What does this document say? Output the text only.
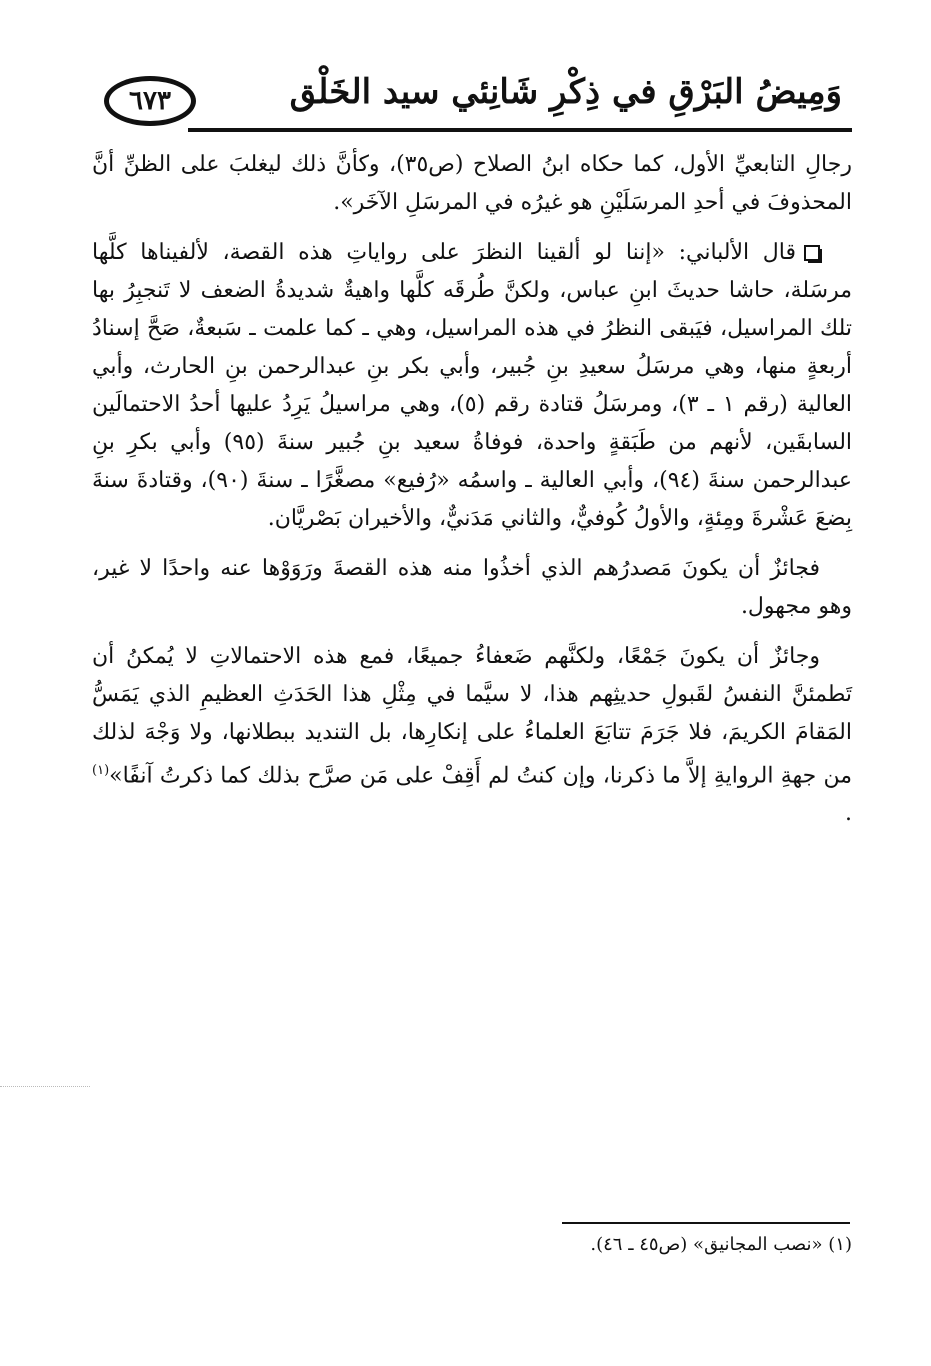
٦٧٣	وَمِيضُ البَرْقِ في ذِكْرِ شَانِئي سيد الخَلْق

رجالِ التابعيِّ الأول، كما حكاه ابنُ الصلاح (ص٣٥)، وكأنَّ ذلك ليغلبَ على الظنِّ أنَّ المحذوفَ في أحدِ المرسَلَيْنِ هو غيرُه في المرسَلِ الآخَر».

قال الألباني: «إننا لو ألقينا النظرَ على رواياتِ هذه القصة، لألفيناها كلَّها مرسَلة، حاشا حديثَ ابنِ عباس، ولكنَّ طُرقَه كلَّها واهيةٌ شديدةُ الضعف لا تَنجبِرُ بها تلك المراسيل، فيَبقى النظرُ في هذه المراسيل، وهي ـ كما علمت ـ سَبعةٌ، صَحَّ إسنادُ أربعةٍ منها، وهي مرسَلُ سعيدِ بنِ جُبير، وأبي بكر بنِ عبدالرحمن بنِ الحارث، وأبي العالية (رقم ١ ـ ٣)، ومرسَلُ قتادة رقم (٥)، وهي مراسيلُ يَرِدُ عليها أحدُ الاحتمالَين السابقَين، لأنهم من طَبَقةٍ واحدة، فوفاةُ سعيد بنِ جُبير سنةَ (٩٥) وأبي بكرِ بنِ عبدالرحمن سنةَ (٩٤)، وأبي العالية ـ واسمُه «رُفيع» مصغَّرًا ـ سنةَ (٩٠)، وقتادةَ سنةَ بِضعَ عَشْرةَ ومِئةٍ، والأولُ كُوفيٌّ، والثاني مَدَنيٌّ، والأخيران بَصْريَّان.

فجائزٌ أن يكونَ مَصدرُهم الذي أخذُوا منه هذه القصةَ ورَوَوْها عنه واحدًا لا غير، وهو مجهول.

وجائزٌ أن يكونَ جَمْعًا، ولكنَّهم ضَعفاءُ جميعًا، فمع هذه الاحتمالاتِ لا يُمكنُ أن تَطمئنَّ النفسُ لقَبولِ حديثِهم هذا، لا سيَّما في مِثْلِ هذا الحَدَثِ العظيمِ الذي يَمَسُّ المَقامَ الكريمَ، فلا جَرَمَ تتابَعَ العلماءُ على إنكارِها، بل التنديد ببطلانها، ولا وَجْهَ لذلك من جهةِ الروايةِ إلاَّ ما ذكرنا، وإن كنتُ لم أَقِفْ على مَن صرَّح بذلك كما ذكرتُ آنفًا»$^{(١)}$ .

(١) «نصب المجانيق» (ص٤٥ ـ ٤٦).
